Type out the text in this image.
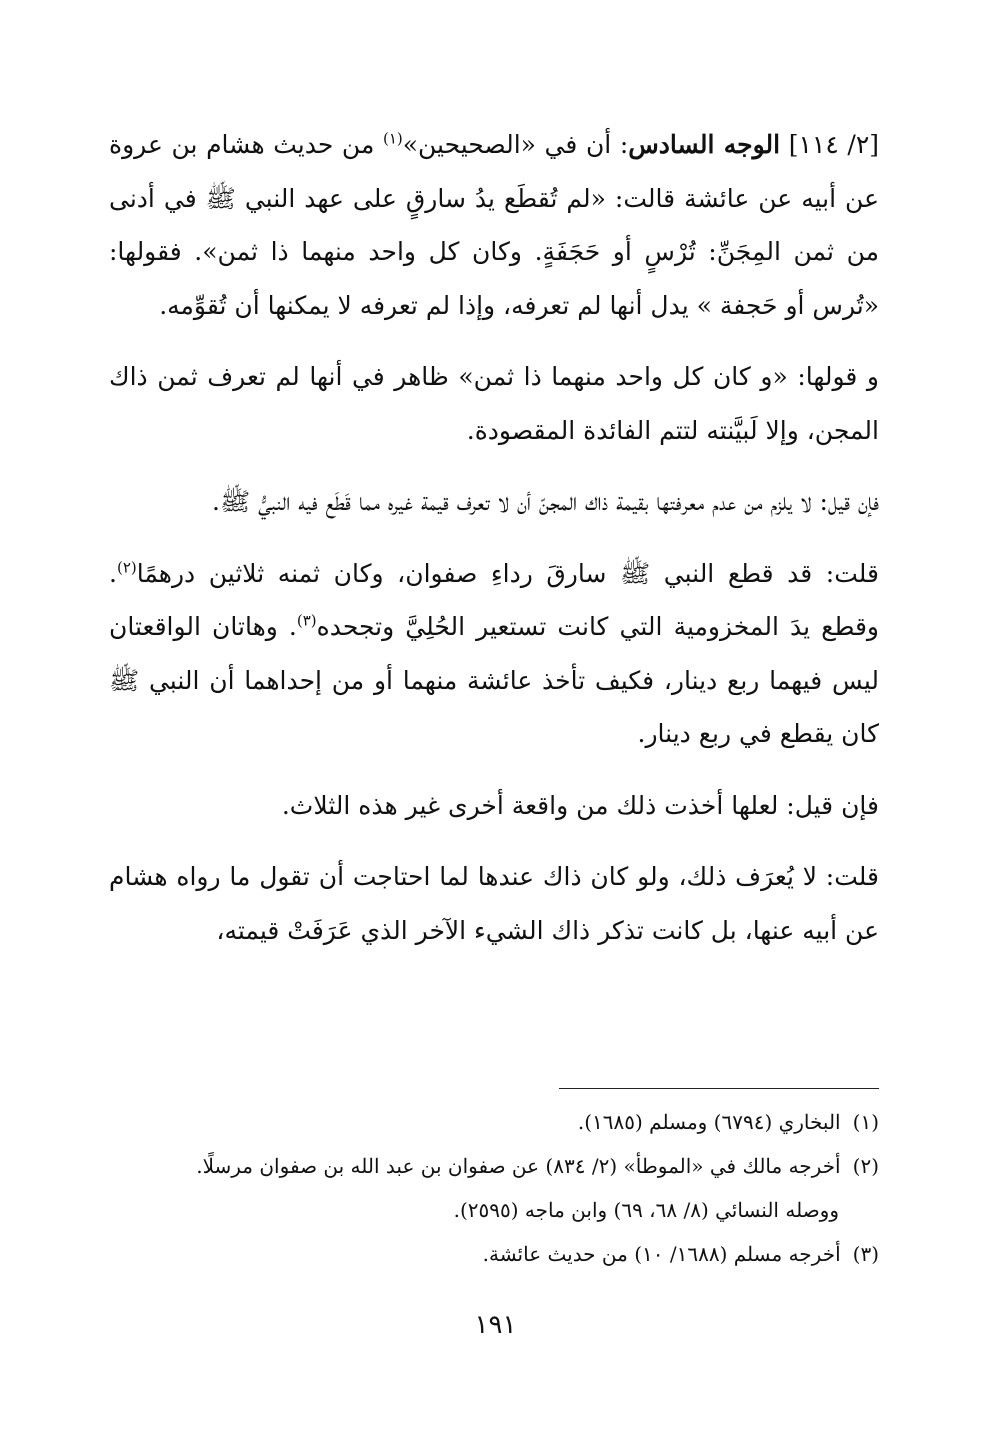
[٢/ ١١٤] الوجه السادس: أن في «الصحيحين»$^{(١)}$ من حديث هشام بن عروة عن أبيه عن عائشة قالت: «لم تُقطَع يدُ سارقٍ على عهد النبي ﷺ في أدنى من ثمن المِجَنِّ: تُرْسٍ أو حَجَفَةٍ. وكان كل واحد منهما ذا ثمن». فقولها: «تُرس أو حَجفة » يدل أنها لم تعرفه، وإذا لم تعرفه لا يمكنها أن تُقوِّمه.

و قولها: «و كان كل واحد منهما ذا ثمن» ظاهر في أنها لم تعرف ثمن ذاك المجن، وإلا لَبيَّنته لتتم الفائدة المقصودة.

فإن قيل: لا يلزم من عدم معرفتها بقيمة ذاك المجنّ أن لا تعرف قيمة غيره مما قَطَع فيه النبيُّ ﷺ.

قلت: قد قطع النبي ﷺ سارقَ رداءِ صفوان، وكان ثمنه ثلاثين درهمًا$^{(٢)}$. وقطع يدَ المخزومية التي كانت تستعير الحُلِيَّ وتجحده$^{(٣)}$. وهاتان الواقعتان ليس فيهما ربع دينار، فكيف تأخذ عائشة منهما أو من إحداهما أن النبي ﷺ كان يقطع في ربع دينار.

فإن قيل: لعلها أخذت ذلك من واقعة أخرى غير هذه الثلاث.

قلت: لا يُعرَف ذلك، ولو كان ذاك عندها لما احتاجت أن تقول ما رواه هشام عن أبيه عنها، بل كانت تذكر ذاك الشيء الآخر الذي عَرَفَتْ قيمته،

(١)البخاري (٦٧٩٤) ومسلم (١٦٨٥).
(٢)أخرجه مالك في «الموطأ» (٢/ ٨٣٤) عن صفوان بن عبد الله بن صفوان مرسلًا.
ووصله النسائي (٨/ ٦٨، ٦٩) وابن ماجه (٢٥٩٥).
(٣)أخرجه مسلم (١٦٨٨/ ١٠) من حديث عائشة.
١٩١
